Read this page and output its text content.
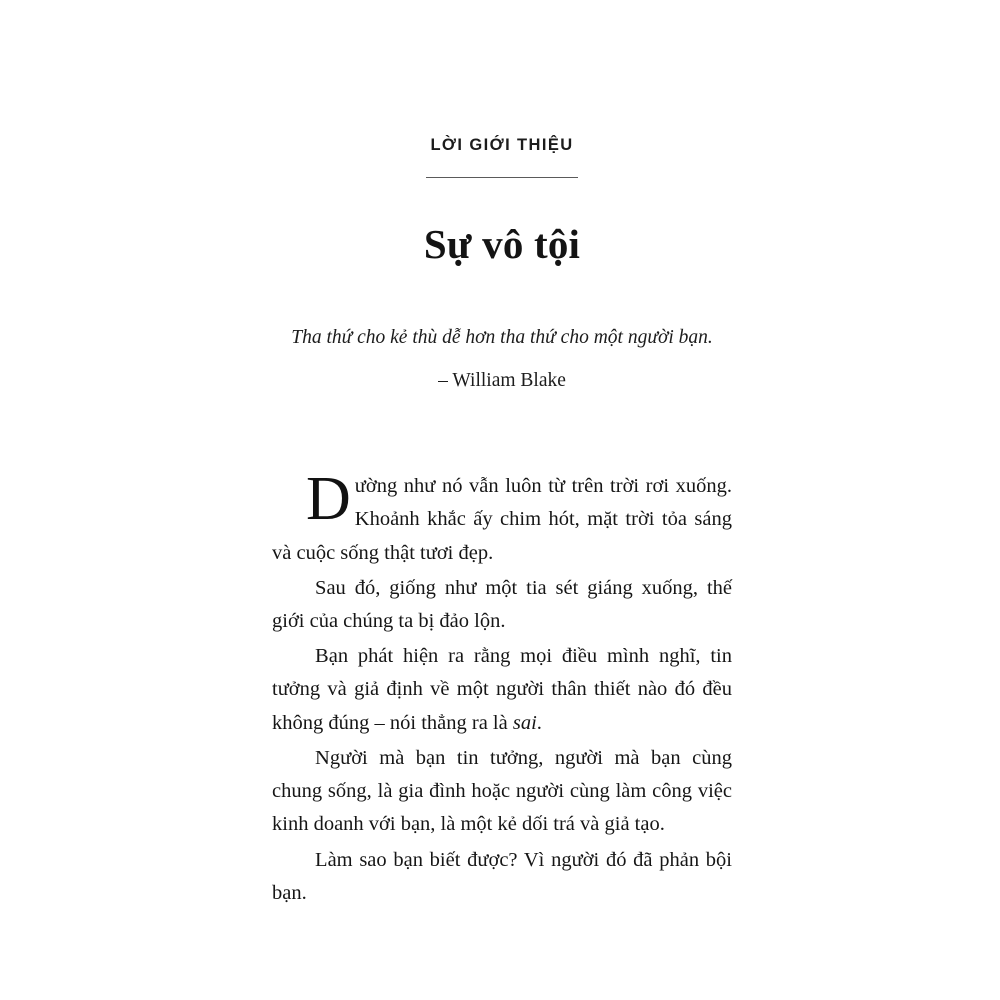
LỜI GIỚI THIỆU
Sự vô tội
Tha thứ cho kẻ thù dễ hơn tha thứ cho một người bạn.
– William Blake

Dường như nó vẫn luôn từ trên trời rơi xuống. Khoảnh khắc ấy chim hót, mặt trời tỏa sáng và cuộc sống thật tươi đẹp.

Sau đó, giống như một tia sét giáng xuống, thế giới của chúng ta bị đảo lộn.

Bạn phát hiện ra rằng mọi điều mình nghĩ, tin tưởng và giả định về một người thân thiết nào đó đều không đúng – nói thẳng ra là sai.

Người mà bạn tin tưởng, người mà bạn cùng chung sống, là gia đình hoặc người cùng làm công việc kinh doanh với bạn, là một kẻ dối trá và giả tạo.

Làm sao bạn biết được? Vì người đó đã phản bội bạn.
